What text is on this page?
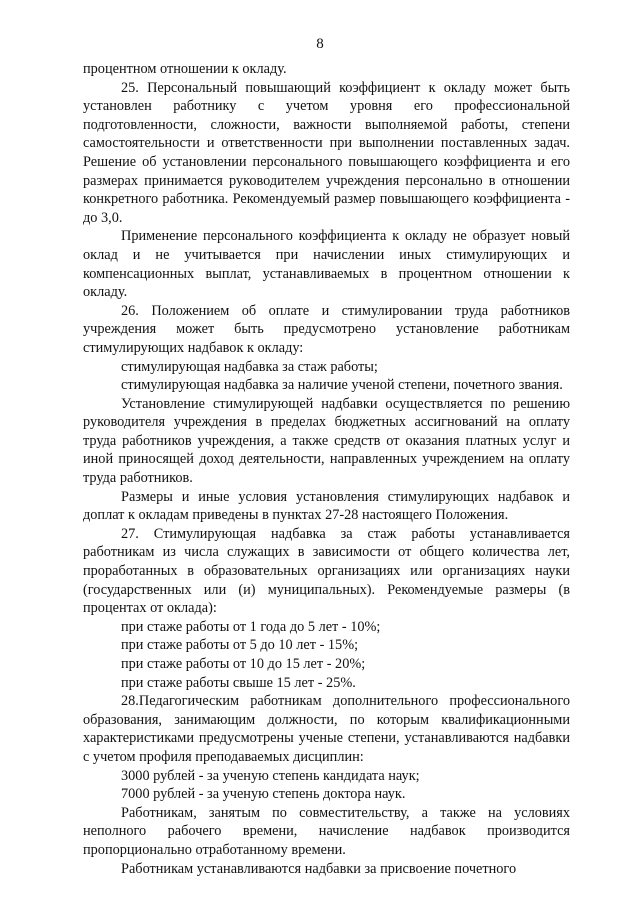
8

процентном отношении к окладу.

25. Персональный повышающий коэффициент к окладу может быть установлен работнику с учетом уровня его профессиональной подготовленности, сложности, важности выполняемой работы, степени самостоятельности и ответственности при выполнении поставленных задач. Решение об установлении персонального повышающего коэффициента и его размерах принимается руководителем учреждения персонально в отношении конкретного работника. Рекомендуемый размер повышающего коэффициента - до 3,0.

Применение персонального коэффициента к окладу не образует новый оклад и не учитывается при начислении иных стимулирующих и компенсационных выплат, устанавливаемых в процентном отношении к окладу.

26. Положением об оплате и стимулировании труда работников учреждения может быть предусмотрено установление работникам стимулирующих надбавок к окладу:

стимулирующая надбавка за стаж работы;

стимулирующая надбавка за наличие ученой степени, почетного звания.

Установление стимулирующей надбавки осуществляется по решению руководителя учреждения в пределах бюджетных ассигнований на оплату труда работников учреждения, а также средств от оказания платных услуг и иной приносящей доход деятельности, направленных учреждением на оплату труда работников.

Размеры и иные условия установления стимулирующих надбавок и доплат к окладам приведены в пунктах 27-28 настоящего Положения.

27. Стимулирующая надбавка за стаж работы устанавливается работникам из числа служащих в зависимости от общего количества лет, проработанных в образовательных организациях или организациях науки (государственных или (и) муниципальных). Рекомендуемые размеры (в процентах от оклада):

при стаже работы от 1 года до 5 лет - 10%;

при стаже работы от 5 до 10 лет - 15%;

при стаже работы от 10 до 15 лет - 20%;

при стаже работы свыше 15 лет - 25%.

28.Педагогическим работникам дополнительного профессионального образования, занимающим должности, по которым квалификационными характеристиками предусмотрены ученые степени, устанавливаются надбавки с учетом профиля преподаваемых дисциплин:

3000 рублей - за ученую степень кандидата наук;

7000 рублей - за ученую степень доктора наук.

Работникам, занятым по совместительству, а также на условиях неполного рабочего времени, начисление надбавок производится пропорционально отработанному времени.

Работникам устанавливаются надбавки за присвоение почетного
